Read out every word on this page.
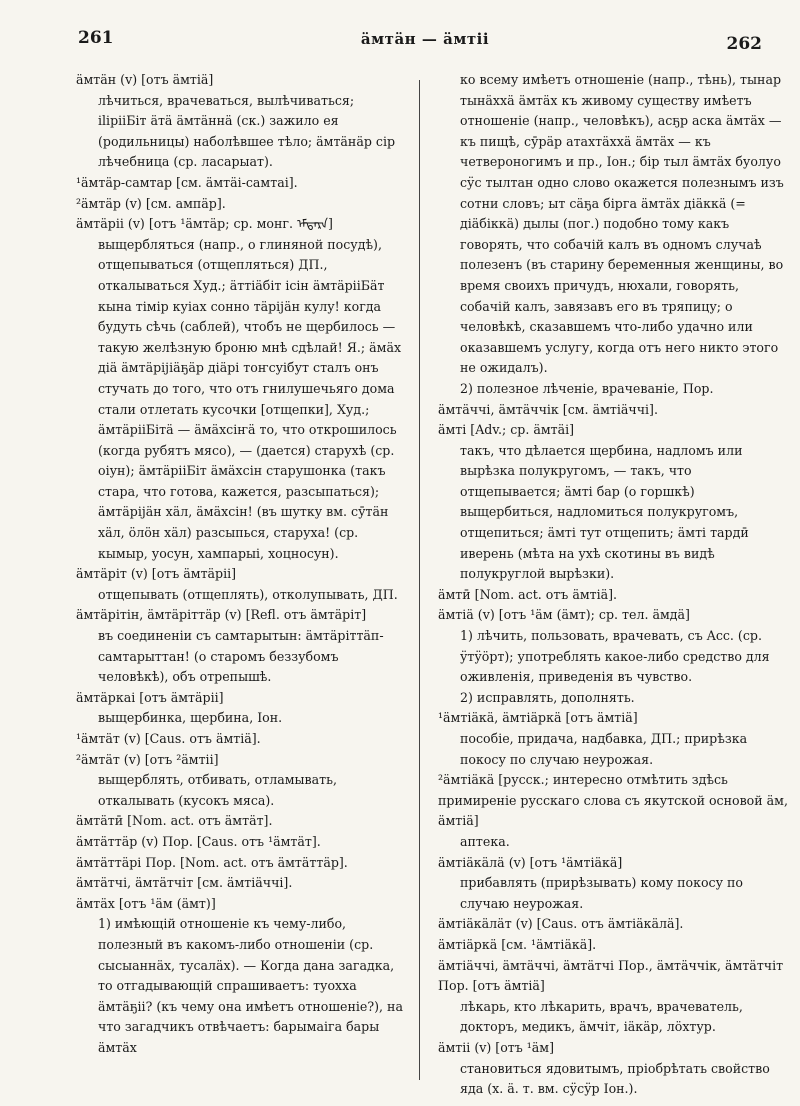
261	ӓмтӓн — ӓмтіі	262

ӓмтӓн (v) [отъ ӓмтіӓ]

лѣчиться, врачеваться, вылѣчиваться; іlірііБіт ӓтӓ ӓмтӓннӓ (ск.) зажило ея (родильницы) наболѣвшее тѣло; ӓмтӓнӓр сір лѣчебница (ср. ласарыат).

¹ӓмтӓр-самтар [см. ӓмтӓі-самтаі].

²ӓмтӓр (v) [см. ампӓр].

ӓмтӓріі (v) [отъ ¹ӓмтӓр; ср. монг. ᠡᠮᠲᠡᠷᠡ]

выщербляться (напр., о глиняной посудѣ), отщепываться (отщепляться) ДП., откалываться Худ.; ӓттіӓбіт ісін ӓмтӓрііБӓт кына тімір куіах сонно тӓріјӓн кулу! когда будуть сѣчь (саблей), чтобъ не щербилось — такую желѣзную броню мнѣ сдѣлай! Я.; ӓмӓх діӓ ӓмтӓріјіӓҕӓр діӓрі тоҥсуібут сталъ онъ стучать до того, что отъ гнилушечьяго дома стали отлетать кусочки [отщепки], Худ.; ӓмтӓрііБітӓ — ӓмӓхсіҥӓ то, что открошилось (когда рубятъ мясо), — (дается) старухѣ (ср. оіун); ӓмтӓрііБіт ӓмӓхсін старушонка (такъ стара, что готова, кажется, разсыпаться); ӓмтӓріјӓн хӓл, ӓмӓхсін! (въ шутку вм. сӯтӓн хӓл, öлöн хӓл) разсыпься, старуха! (ср. кымыр, уосун, хампарыі, хоцносун).

ӓмтӓріт (v) [отъ ӓмтӓріі]

отщепывать (отщеплять), отколупывать, ДП.

ӓмтӓрітін, ӓмтӓріттӓр (v) [Refl. отъ ӓмтӓріт]

въ соединеніи съ самтарытын: ӓмтӓріттӓп-самтарыттан! (о старомъ беззубомъ человѣкѣ), объ отрепышѣ.

ӓмтӓркаі [отъ ӓмтӓріі]

выщербинка, щербина, Іон.

¹ӓмтӓт (v) [Caus. отъ ӓмтіӓ].

²ӓмтӓт (v) [отъ ²ӓмтіі]

выщерблять, отбивать, отламывать, откалывать (кусокъ мяса).

ӓмтӓтӣ [Nom. act. отъ ӓмтӓт].

ӓмтӓттӓр (v) Пор. [Caus. отъ ¹ӓмтӓт].

ӓмтӓттӓрі Пор. [Nom. act. отъ ӓмтӓттӓр].

ӓмтӓтчі, ӓмтӓтчіт [см. ӓмтіӓччі].

ӓмтӓх [отъ ¹ӓм (ӓмт)]

1) имѣющій отношеніе къ чему-либо, полезный въ какомъ-либо отношеніи (ср. сысыаннӓх, тусалӓх). — Когда дана загадка, то отгадывающій спрашиваетъ: туохха ӓмтӓҕіі? (къ чему она имѣетъ отношеніе?), на что загадчикъ отвѣчаетъ: барымаіга бары ӓмтӓх

ко всему имѣетъ отношеніе (напр., тѣнь), тынар тынӓххӓ ӓмтӓх къ живому существу имѣетъ отношеніе (напр., человѣкъ), асҕр аска ӓмтӓх — къ пищѣ, сӯрӓр атахтӓххӓ ӓмтӓх — къ четвероногимъ и пр., Іон.; бір тыл ӓмтӓх буолуо сӱс тылтан одно слово окажется полезнымъ изъ сотни словъ; ыт сӓҕа бірга ӓмтӓх діӓккӓ (= діӓбіккӓ) дылы (пог.) подобно тому какъ говорять, что собачій калъ въ одномъ случаѣ полезенъ (въ старину беременныя женщины, во время своихъ причудъ, нюхали, говорять, собачій калъ, завязавъ его въ тряпицу; о человѣкѣ, сказавшемъ что-либо удачно или оказавшемъ услугу, когда отъ него никто этого не ожидалъ).

2) полезное лѣченіе, врачеваніе, Пор.

ӓмтӓччі, ӓмтӓччік [см. ӓмтіӓччі].

ӓмті [Adv.; ср. ӓмтӓі]

такъ, что дѣлается щербина, надломъ или вырѣзка полукругомъ, — такъ, что отщепывается; ӓмті бар (о горшкѣ) выщербиться, надломиться полукругомъ, отщепиться; ӓмті тут отщепить; ӓмті тардӣ иверень (мѣта на ухѣ скотины въ видѣ полукруглой вырѣзки).

ӓмтӣ [Nom. act. отъ ӓмтіӓ].

ӓмтіӓ (v) [отъ ¹ӓм (ӓмт); ср. тел. ӓмдӓ]

1) лѣчить, пользовать, врачевать, съ Acc. (ср. ӱтӱӧрт); употреблять какое-либо средство для оживленія, приведенія въ чувство.

2) исправлять, дополнять.

¹ӓмтіӓкӓ, ӓмтіӓркӓ [отъ ӓмтіӓ]

пособіе, придача, надбавка, ДП.; прирѣзка покосу по случаю неурожая.

²ӓмтіӓкӓ [русск.; интересно отмѣтить здѣсь примиреніе русскаго слова съ якутской основой ӓм, ӓмтіӓ]

аптека.

ӓмтіӓкӓлӓ (v) [отъ ¹ӓмтіӓкӓ]

прибавлять (прирѣзывать) кому покосу по случаю неурожая.

ӓмтіӓкӓлӓт (v) [Caus. отъ ӓмтіӓкӓлӓ].

ӓмтіӓркӓ [см. ¹ӓмтіӓкӓ].

ӓмтіӓччі, ӓмтӓччі, ӓмтӓтчі Пор., ӓмтӓччік, ӓмтӓтчіт Пор. [отъ ӓмтіӓ]

лѣкарь, кто лѣкарить, врачъ, врачеватель, докторъ, медикъ, ӓмчіт, іӓкӓр, лӧхтур.

ӓмтіі (v) [отъ ¹ӓм]

становиться ядовитымъ, пріобрѣтать свойство яда (х. ӓ. т. вм. сӱсӱр Іон.).
